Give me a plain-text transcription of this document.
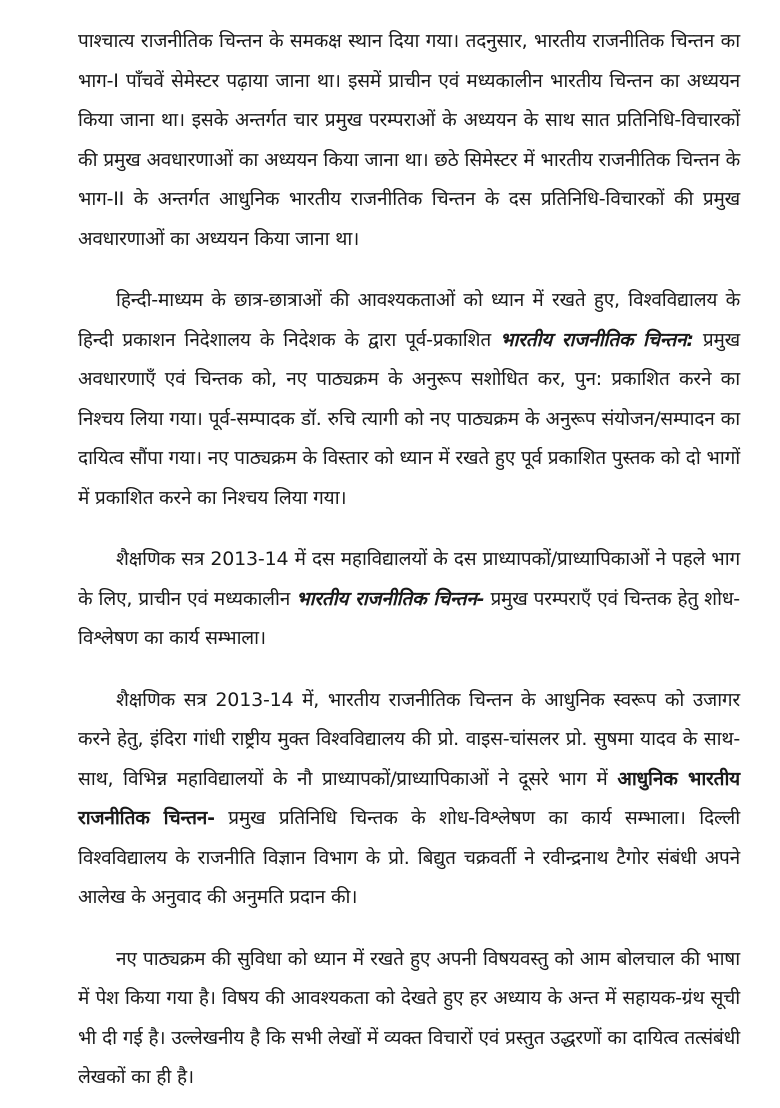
पाश्चात्य राजनीतिक चिन्तन के समकक्ष स्थान दिया गया। तदनुसार, भारतीय राजनीतिक चिन्तन का भाग-I पाँचवें सेमेस्टर पढ़ाया जाना था। इसमें प्राचीन एवं मध्यकालीन भारतीय चिन्तन का अध्ययन किया जाना था। इसके अन्तर्गत चार प्रमुख परम्पराओं के अध्ययन के साथ सात प्रतिनिधि-विचारकों की प्रमुख अवधारणाओं का अध्ययन किया जाना था। छठे सिमेस्टर में भारतीय राजनीतिक चिन्तन के भाग-II के अन्तर्गत आधुनिक भारतीय राजनीतिक चिन्तन के दस प्रतिनिधि-विचारकों की प्रमुख अवधारणाओं का अध्ययन किया जाना था।

हिन्दी-माध्यम के छात्र-छात्राओं की आवश्यकताओं को ध्यान में रखते हुए, विश्वविद्यालय के हिन्दी प्रकाशन निदेशालय के निदेशक के द्वारा पूर्व-प्रकाशित भारतीय राजनीतिक चिन्तन: प्रमुख अवधारणाएँ एवं चिन्तक को, नए पाठ्यक्रम के अनुरूप सशोधित कर, पुन: प्रकाशित करने का निश्चय लिया गया। पूर्व-सम्पादक डॉ. रुचि त्यागी को नए पाठ्यक्रम के अनुरूप संयोजन/सम्पादन का दायित्व सौंपा गया। नए पाठ्यक्रम के विस्तार को ध्यान में रखते हुए पूर्व प्रकाशित पुस्तक को दो भागों में प्रकाशित करने का निश्चय लिया गया।

शैक्षणिक सत्र 2013-14 में दस महाविद्यालयों के दस प्राध्यापकों/प्राध्यापिकाओं ने पहले भाग के लिए, प्राचीन एवं मध्यकालीन भारतीय राजनीतिक चिन्तन- प्रमुख परम्पराएँ एवं चिन्तक हेतु शोध-विश्लेषण का कार्य सम्भाला।

शैक्षणिक सत्र 2013-14 में, भारतीय राजनीतिक चिन्तन के आधुनिक स्वरूप को उजागर करने हेतु, इंदिरा गांधी राष्ट्रीय मुक्त विश्वविद्यालय की प्रो. वाइस-चांसलर प्रो. सुषमा यादव के साथ- साथ, विभिन्न महाविद्यालयों के नौ प्राध्यापकों/प्राध्यापिकाओं ने दूसरे भाग में आधुनिक भारतीय राजनीतिक चिन्तन- प्रमुख प्रतिनिधि चिन्तक के शोध-विश्लेषण का कार्य सम्भाला। दिल्ली विश्वविद्यालय के राजनीति विज्ञान विभाग के प्रो. बिद्युत चक्रवर्ती ने रवीन्द्रनाथ टैगोर संबंधी अपने आलेख के अनुवाद की अनुमति प्रदान की।

नए पाठ्यक्रम की सुविधा को ध्यान में रखते हुए अपनी विषयवस्तु को आम बोलचाल की भाषा में पेश किया गया है। विषय की आवश्यकता को देखते हुए हर अध्याय के अन्त में सहायक-ग्रंथ सूची भी दी गई है। उल्लेखनीय है कि सभी लेखों में व्यक्त विचारों एवं प्रस्तुत उद्धरणों का दायित्व तत्संबंधी लेखकों का ही है।
